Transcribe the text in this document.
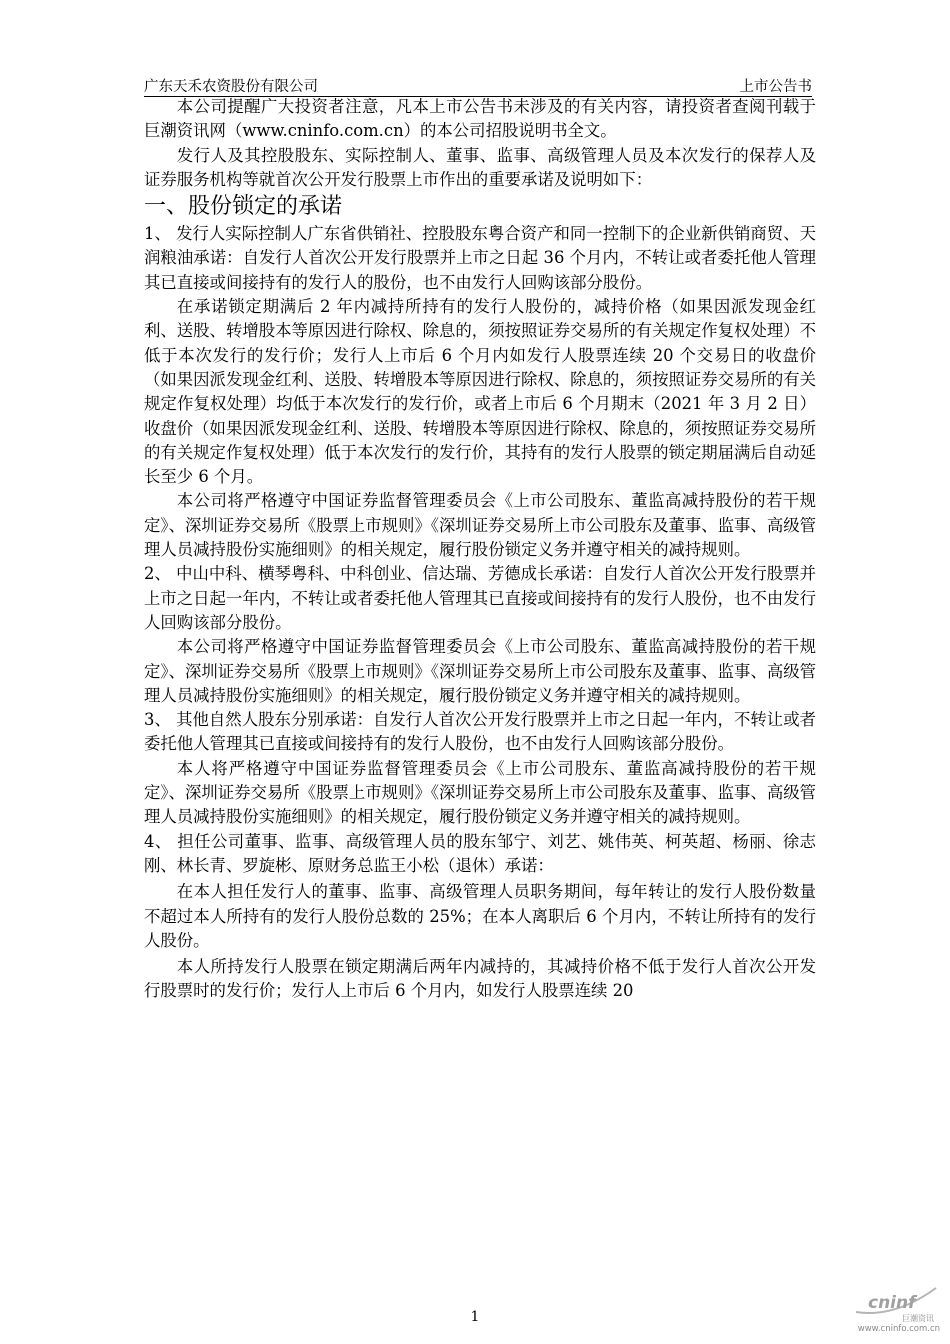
广东天禾农资股份有限公司	上市公告书

本公司提醒广大投资者注意，凡本上市公告书未涉及的有关内容，请投资者查阅刊载于巨潮资讯网（www.cninfo.com.cn）的本公司招股说明书全文。

发行人及其控股股东、实际控制人、董事、监事、高级管理人员及本次发行的保荐人及证券服务机构等就首次公开发行股票上市作出的重要承诺及说明如下：

一、股份锁定的承诺

1、 发行人实际控制人广东省供销社、控股股东粤合资产和同一控制下的企业新供销商贸、天润粮油承诺：自发行人首次公开发行股票并上市之日起 36 个月内，不转让或者委托他人管理其已直接或间接持有的发行人的股份，也不由发行人回购该部分股份。

在承诺锁定期满后 2 年内减持所持有的发行人股份的，减持价格（如果因派发现金红利、送股、转增股本等原因进行除权、除息的，须按照证券交易所的有关规定作复权处理）不低于本次发行的发行价；发行人上市后 6 个月内如发行人股票连续 20 个交易日的收盘价（如果因派发现金红利、送股、转增股本等原因进行除权、除息的，须按照证券交易所的有关规定作复权处理）均低于本次发行的发行价，或者上市后 6 个月期末（2021 年 3 月 2 日）收盘价（如果因派发现金红利、送股、转增股本等原因进行除权、除息的，须按照证券交易所的有关规定作复权处理）低于本次发行的发行价，其持有的发行人股票的锁定期届满后自动延长至少 6 个月。

本公司将严格遵守中国证券监督管理委员会《上市公司股东、董监高减持股份的若干规定》、深圳证券交易所《股票上市规则》《深圳证券交易所上市公司股东及董事、监事、高级管理人员减持股份实施细则》的相关规定，履行股份锁定义务并遵守相关的减持规则。

2、 中山中科、横琴粤科、中科创业、信达瑞、芳德成长承诺：自发行人首次公开发行股票并上市之日起一年内，不转让或者委托他人管理其已直接或间接持有的发行人股份，也不由发行人回购该部分股份。

本公司将严格遵守中国证券监督管理委员会《上市公司股东、董监高减持股份的若干规定》、深圳证券交易所《股票上市规则》《深圳证券交易所上市公司股东及董事、监事、高级管理人员减持股份实施细则》的相关规定，履行股份锁定义务并遵守相关的减持规则。

3、 其他自然人股东分别承诺：自发行人首次公开发行股票并上市之日起一年内，不转让或者委托他人管理其已直接或间接持有的发行人股份，也不由发行人回购该部分股份。

本人将严格遵守中国证券监督管理委员会《上市公司股东、董监高减持股份的若干规定》、深圳证券交易所《股票上市规则》《深圳证券交易所上市公司股东及董事、监事、高级管理人员减持股份实施细则》的相关规定，履行股份锁定义务并遵守相关的减持规则。

4、 担任公司董事、监事、高级管理人员的股东邹宁、刘艺、姚伟英、柯英超、杨丽、徐志刚、林长青、罗旋彬、原财务总监王小松（退休）承诺：

在本人担任发行人的董事、监事、高级管理人员职务期间，每年转让的发行人股份数量不超过本人所持有的发行人股份总数的 25%；在本人离职后 6 个月内，不转让所持有的发行人股份。

本人所持发行人股票在锁定期满后两年内减持的，其减持价格不低于发行人首次公开发行股票时的发行价；发行人上市后 6 个月内，如发行人股票连续 20

1
cninf
巨潮资讯
www.cninfo.com.cn
